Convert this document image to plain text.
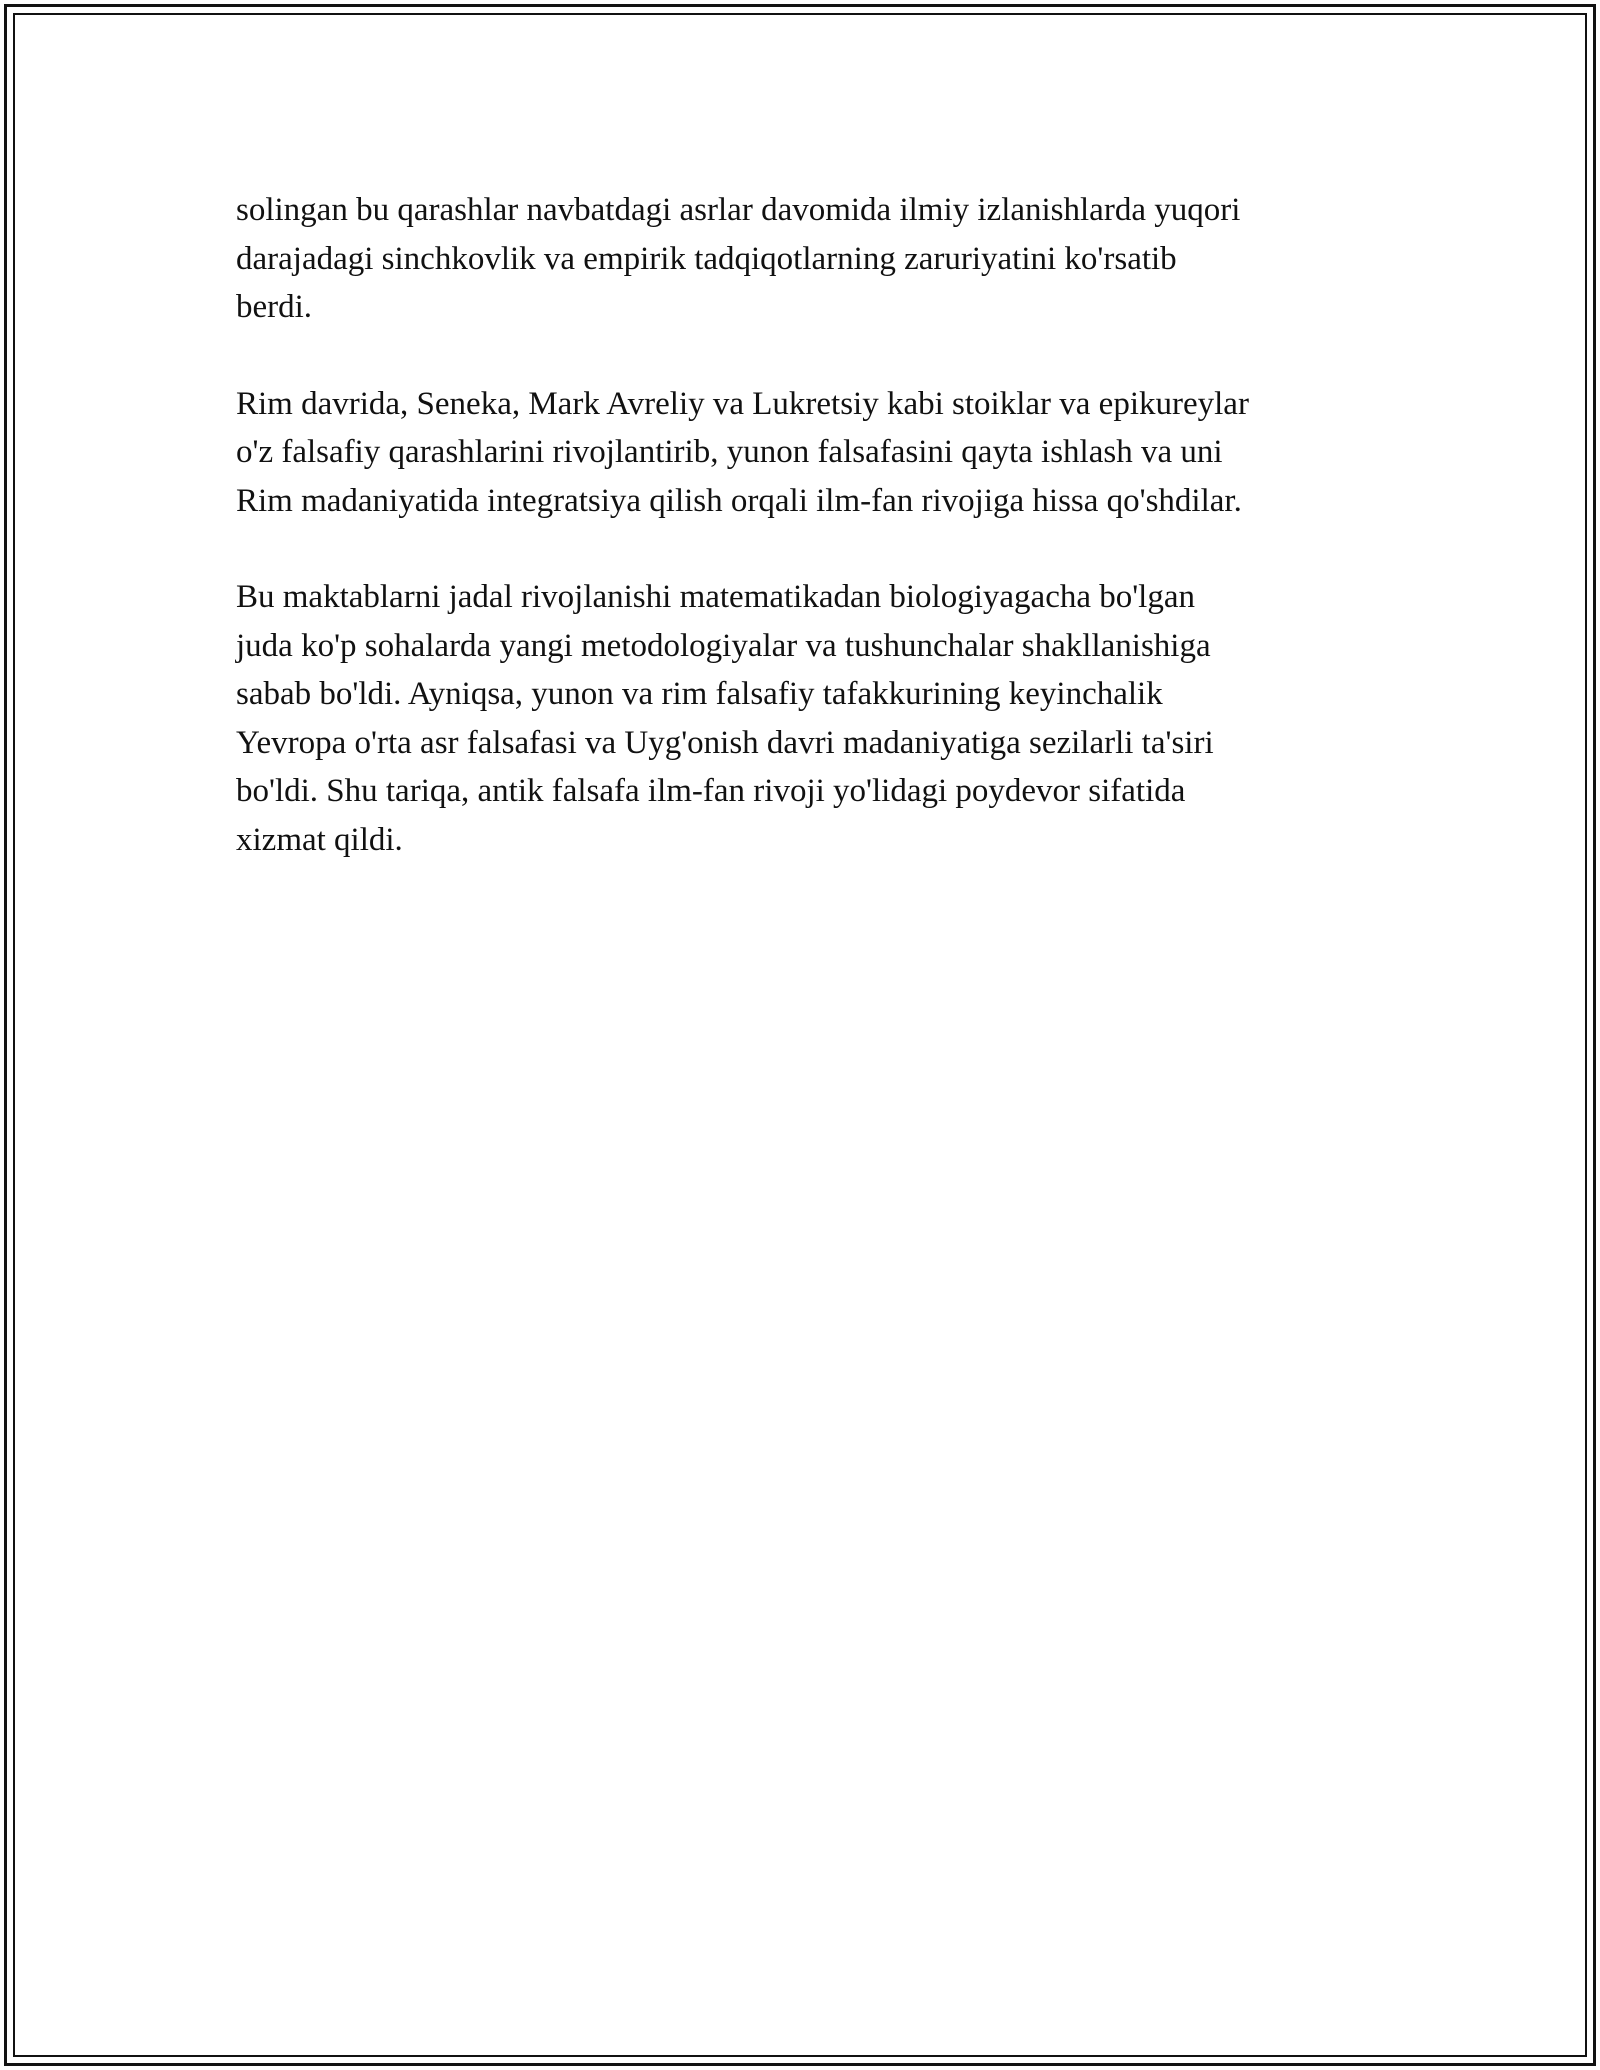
solingan bu qarashlar navbatdagi asrlar davomida ilmiy izlanishlarda yuqori
darajadagi sinchkovlik va empirik tadqiqotlarning zaruriyatini ko'rsatib
berdi.

Rim davrida, Seneka, Mark Avreliy va Lukretsiy kabi stoiklar va epikureylar
o'z falsafiy qarashlarini rivojlantirib, yunon falsafasini qayta ishlash va uni
Rim madaniyatida integratsiya qilish orqali ilm-fan rivojiga hissa qo'shdilar.

Bu maktablarni jadal rivojlanishi matematikadan biologiyagacha bo'lgan
juda ko'p sohalarda yangi metodologiyalar va tushunchalar shakllanishiga
sabab bo'ldi. Ayniqsa, yunon va rim falsafiy tafakkurining keyinchalik
Yevropa o'rta asr falsafasi va Uyg'onish davri madaniyatiga sezilarli ta'siri
bo'ldi. Shu tariqa, antik falsafa ilm-fan rivoji yo'lidagi poydevor sifatida
xizmat qildi.
